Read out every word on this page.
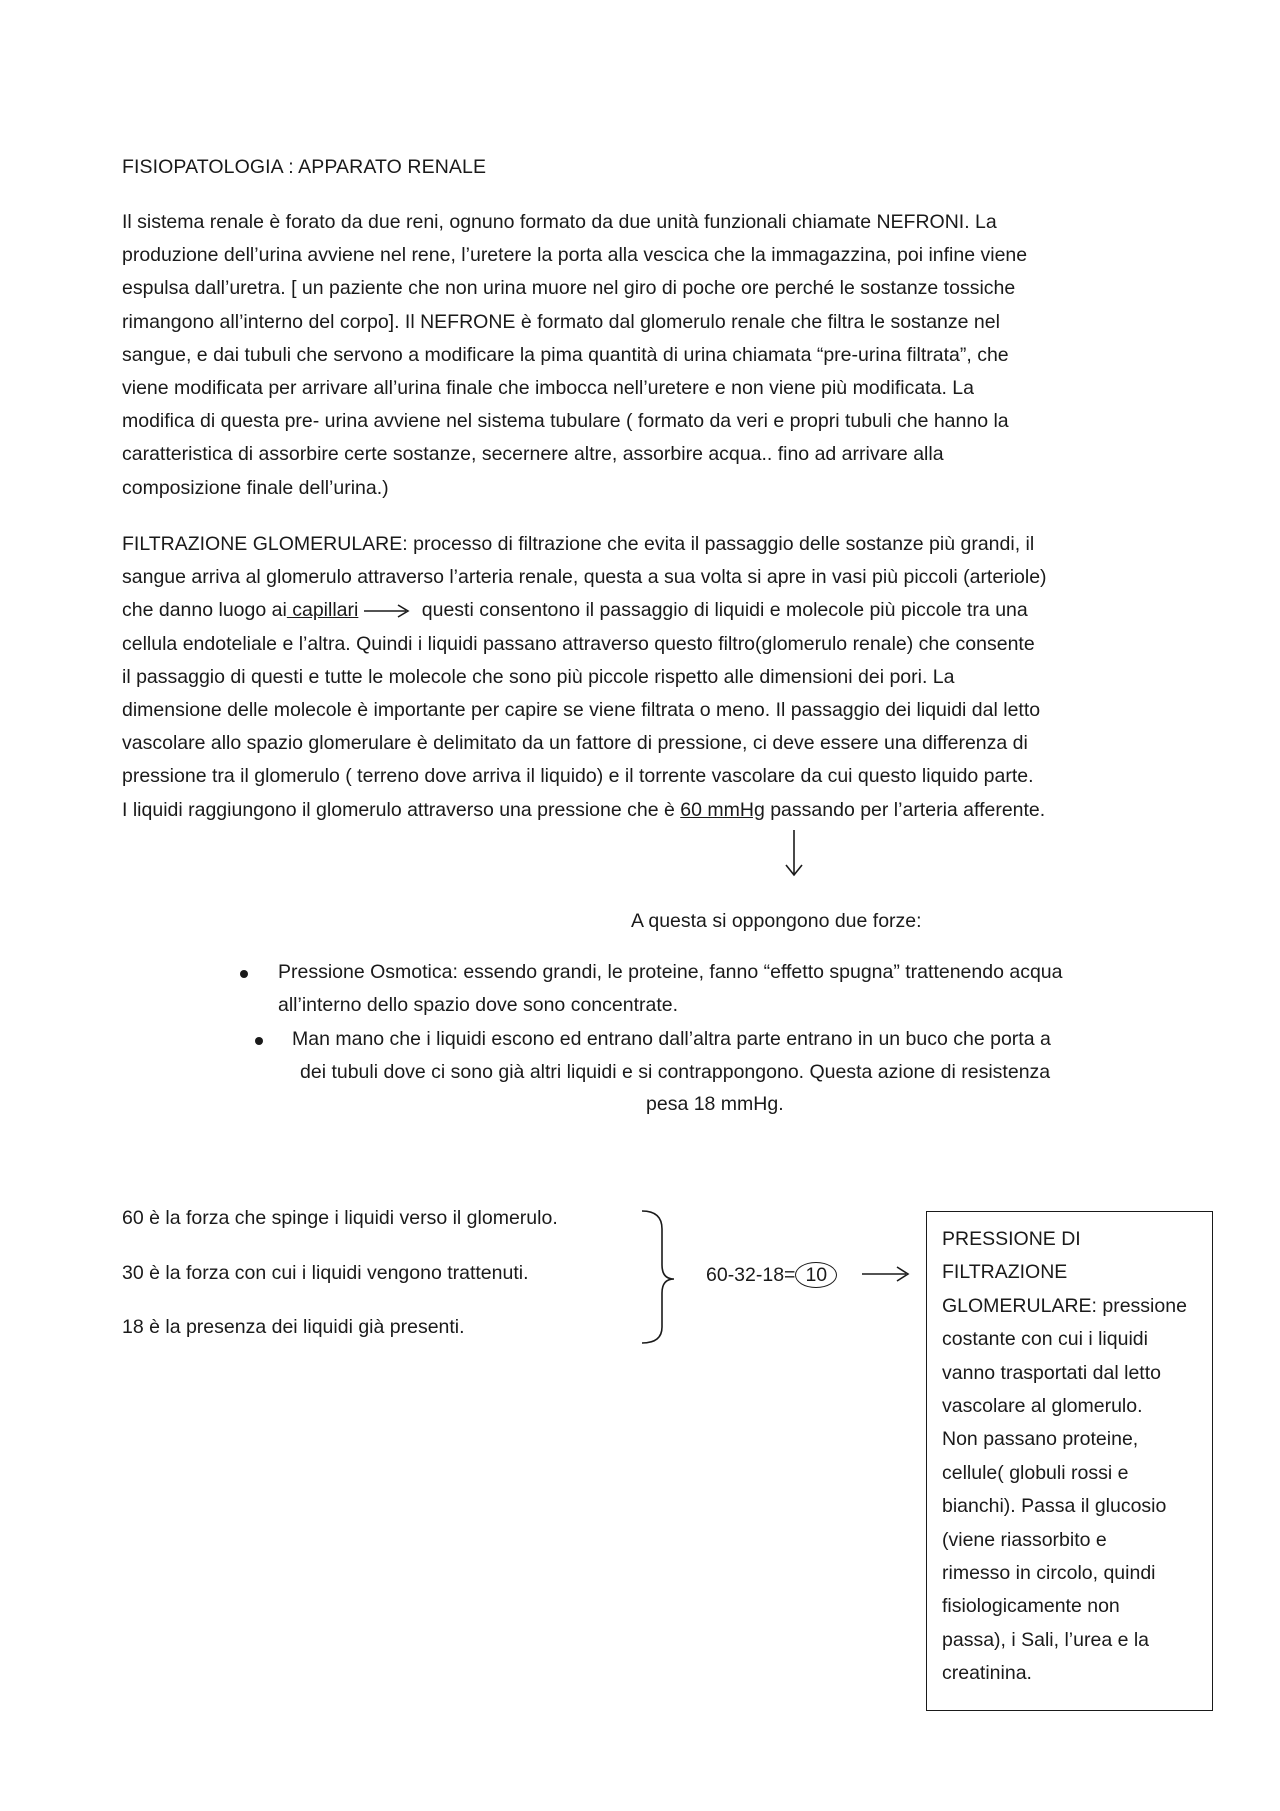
FISIOPATOLOGIA : APPARATO RENALE

Il sistema renale è forato da due reni, ognuno formato da due unità funzionali chiamate NEFRONI. La
produzione dell’urina avviene nel rene, l’uretere la porta alla vescica che la immagazzina, poi infine viene
espulsa dall’uretra. [ un paziente che non urina muore nel giro di poche ore perché le sostanze tossiche
rimangono all’interno del corpo]. Il NEFRONE è formato dal glomerulo renale che filtra le sostanze nel
sangue, e dai tubuli che servono a modificare la pima quantità di urina chiamata “pre-urina filtrata”, che
viene modificata per arrivare all’urina finale che imbocca nell’uretere e non viene più modificata. La
modifica di questa pre- urina avviene nel sistema tubulare ( formato da veri e propri tubuli che hanno la
caratteristica di assorbire certe sostanze, secernere altre, assorbire acqua.. fino ad arrivare alla
composizione finale dell’urina.)

FILTRAZIONE GLOMERULARE: processo di filtrazione che evita il passaggio delle sostanze più grandi, il
sangue arriva al glomerulo attraverso l’arteria renale, questa a sua volta si apre in vasi più piccoli (arteriole)
che danno luogo ai capillari	questi consentono il passaggio di liquidi e molecole più piccole tra una
cellula endoteliale e l’altra. Quindi i liquidi passano attraverso questo filtro(glomerulo renale) che consente
il passaggio di questi e tutte le molecole che sono più piccole rispetto alle dimensioni dei pori. La
dimensione delle molecole è importante per capire se viene filtrata o meno. Il passaggio dei liquidi dal letto
vascolare allo spazio glomerulare è delimitato da un fattore di pressione, ci deve essere una differenza di
pressione tra il glomerulo ( terreno dove arriva il liquido) e il torrente vascolare da cui questo liquido parte.
I liquidi raggiungono il glomerulo attraverso una pressione che è 60 mmHg passando per l’arteria afferente.

A questa si oppongono due forze:
Pressione Osmotica: essendo grandi, le proteine, fanno “effetto spugna” trattenendo acqua
all’interno dello spazio dove sono concentrate.
Man mano che i liquidi escono ed entrano dall’altra parte entrano in un buco che porta a
dei tubuli dove ci sono già altri liquidi e si contrappongono. Questa azione di resistenza
pesa 18 mmHg.
60 è la forza che spinge i liquidi verso il glomerulo.
30 è la forza con cui i liquidi vengono trattenuti.
18 è la presenza dei liquidi già presenti.
60-32-18= 10
PRESSIONE DI
FILTRAZIONE
GLOMERULARE: pressione
costante con cui i liquidi
vanno trasportati dal letto
vascolare al glomerulo.
Non passano proteine,
cellule( globuli rossi e
bianchi). Passa il glucosio
(viene riassorbito e
rimesso in circolo, quindi
fisiologicamente non
passa), i Sali, l’urea e la
creatinina.
